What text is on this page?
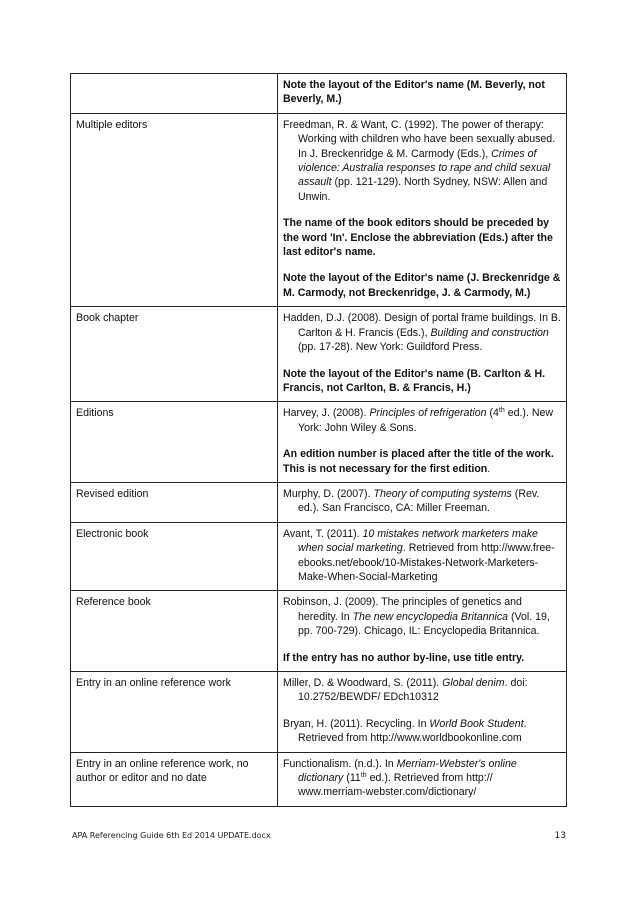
	Note the layout of the Editor's name (M. Beverly, not Beverly, M.)

Multiple editors	Freedman, R. & Want, C. (1992). The power of therapy: Working with children who have been sexually abused. In J. Breckenridge & M. Carmody (Eds.), Crimes of violence: Australia responses to rape and child sexual assault (pp. 121-129). North Sydney, NSW: Allen and Unwin.

The name of the book editors should be preceded by the word 'In'. Enclose the abbreviation (Eds.) after the last editor's name.

Note the layout of the Editor's name (J. Breckenridge & M. Carmody, not Breckenridge, J. & Carmody, M.)

Book chapter	Hadden, D.J. (2008). Design of portal frame buildings. In B. Carlton & H. Francis (Eds.), Building and construction (pp. 17-28). New York: Guildford Press.

Note the layout of the Editor's name (B. Carlton & H. Francis, not Carlton, B. & Francis, H.)

Editions	Harvey, J. (2008). Principles of refrigeration (4th ed.). New York: John Wiley & Sons.

An edition number is placed after the title of the work. This is not necessary for the first edition.

Revised edition	Murphy, D. (2007). Theory of computing systems (Rev. ed.). San Francisco, CA: Miller Freeman.

Electronic book	Avant, T. (2011). 10 mistakes network marketers make when social marketing. Retrieved from http://www.free-ebooks.net/ebook/10-Mistakes-Network-Marketers-Make-When-Social-Marketing

Reference book	Robinson, J. (2009). The principles of genetics and heredity. In The new encyclopedia Britannica (Vol. 19, pp. 700-729). Chicago, IL: Encyclopedia Britannica.

If the entry has no author by-line, use title entry.

Entry in an online reference work	Miller, D. & Woodward, S. (2011). Global denim. doi: 10.2752/BEWDF/ EDch10312

Bryan, H. (2011). Recycling. In World Book Student. Retrieved from http://www.worldbookonline.com

Entry in an online reference work, no author or editor and no date	Functionalism. (n.d.). In Merriam-Webster's online dictionary (11th ed.). Retrieved from http:// www.merriam-webster.com/dictionary/

APA Referencing Guide 6th Ed 2014 UPDATE.docx	13
